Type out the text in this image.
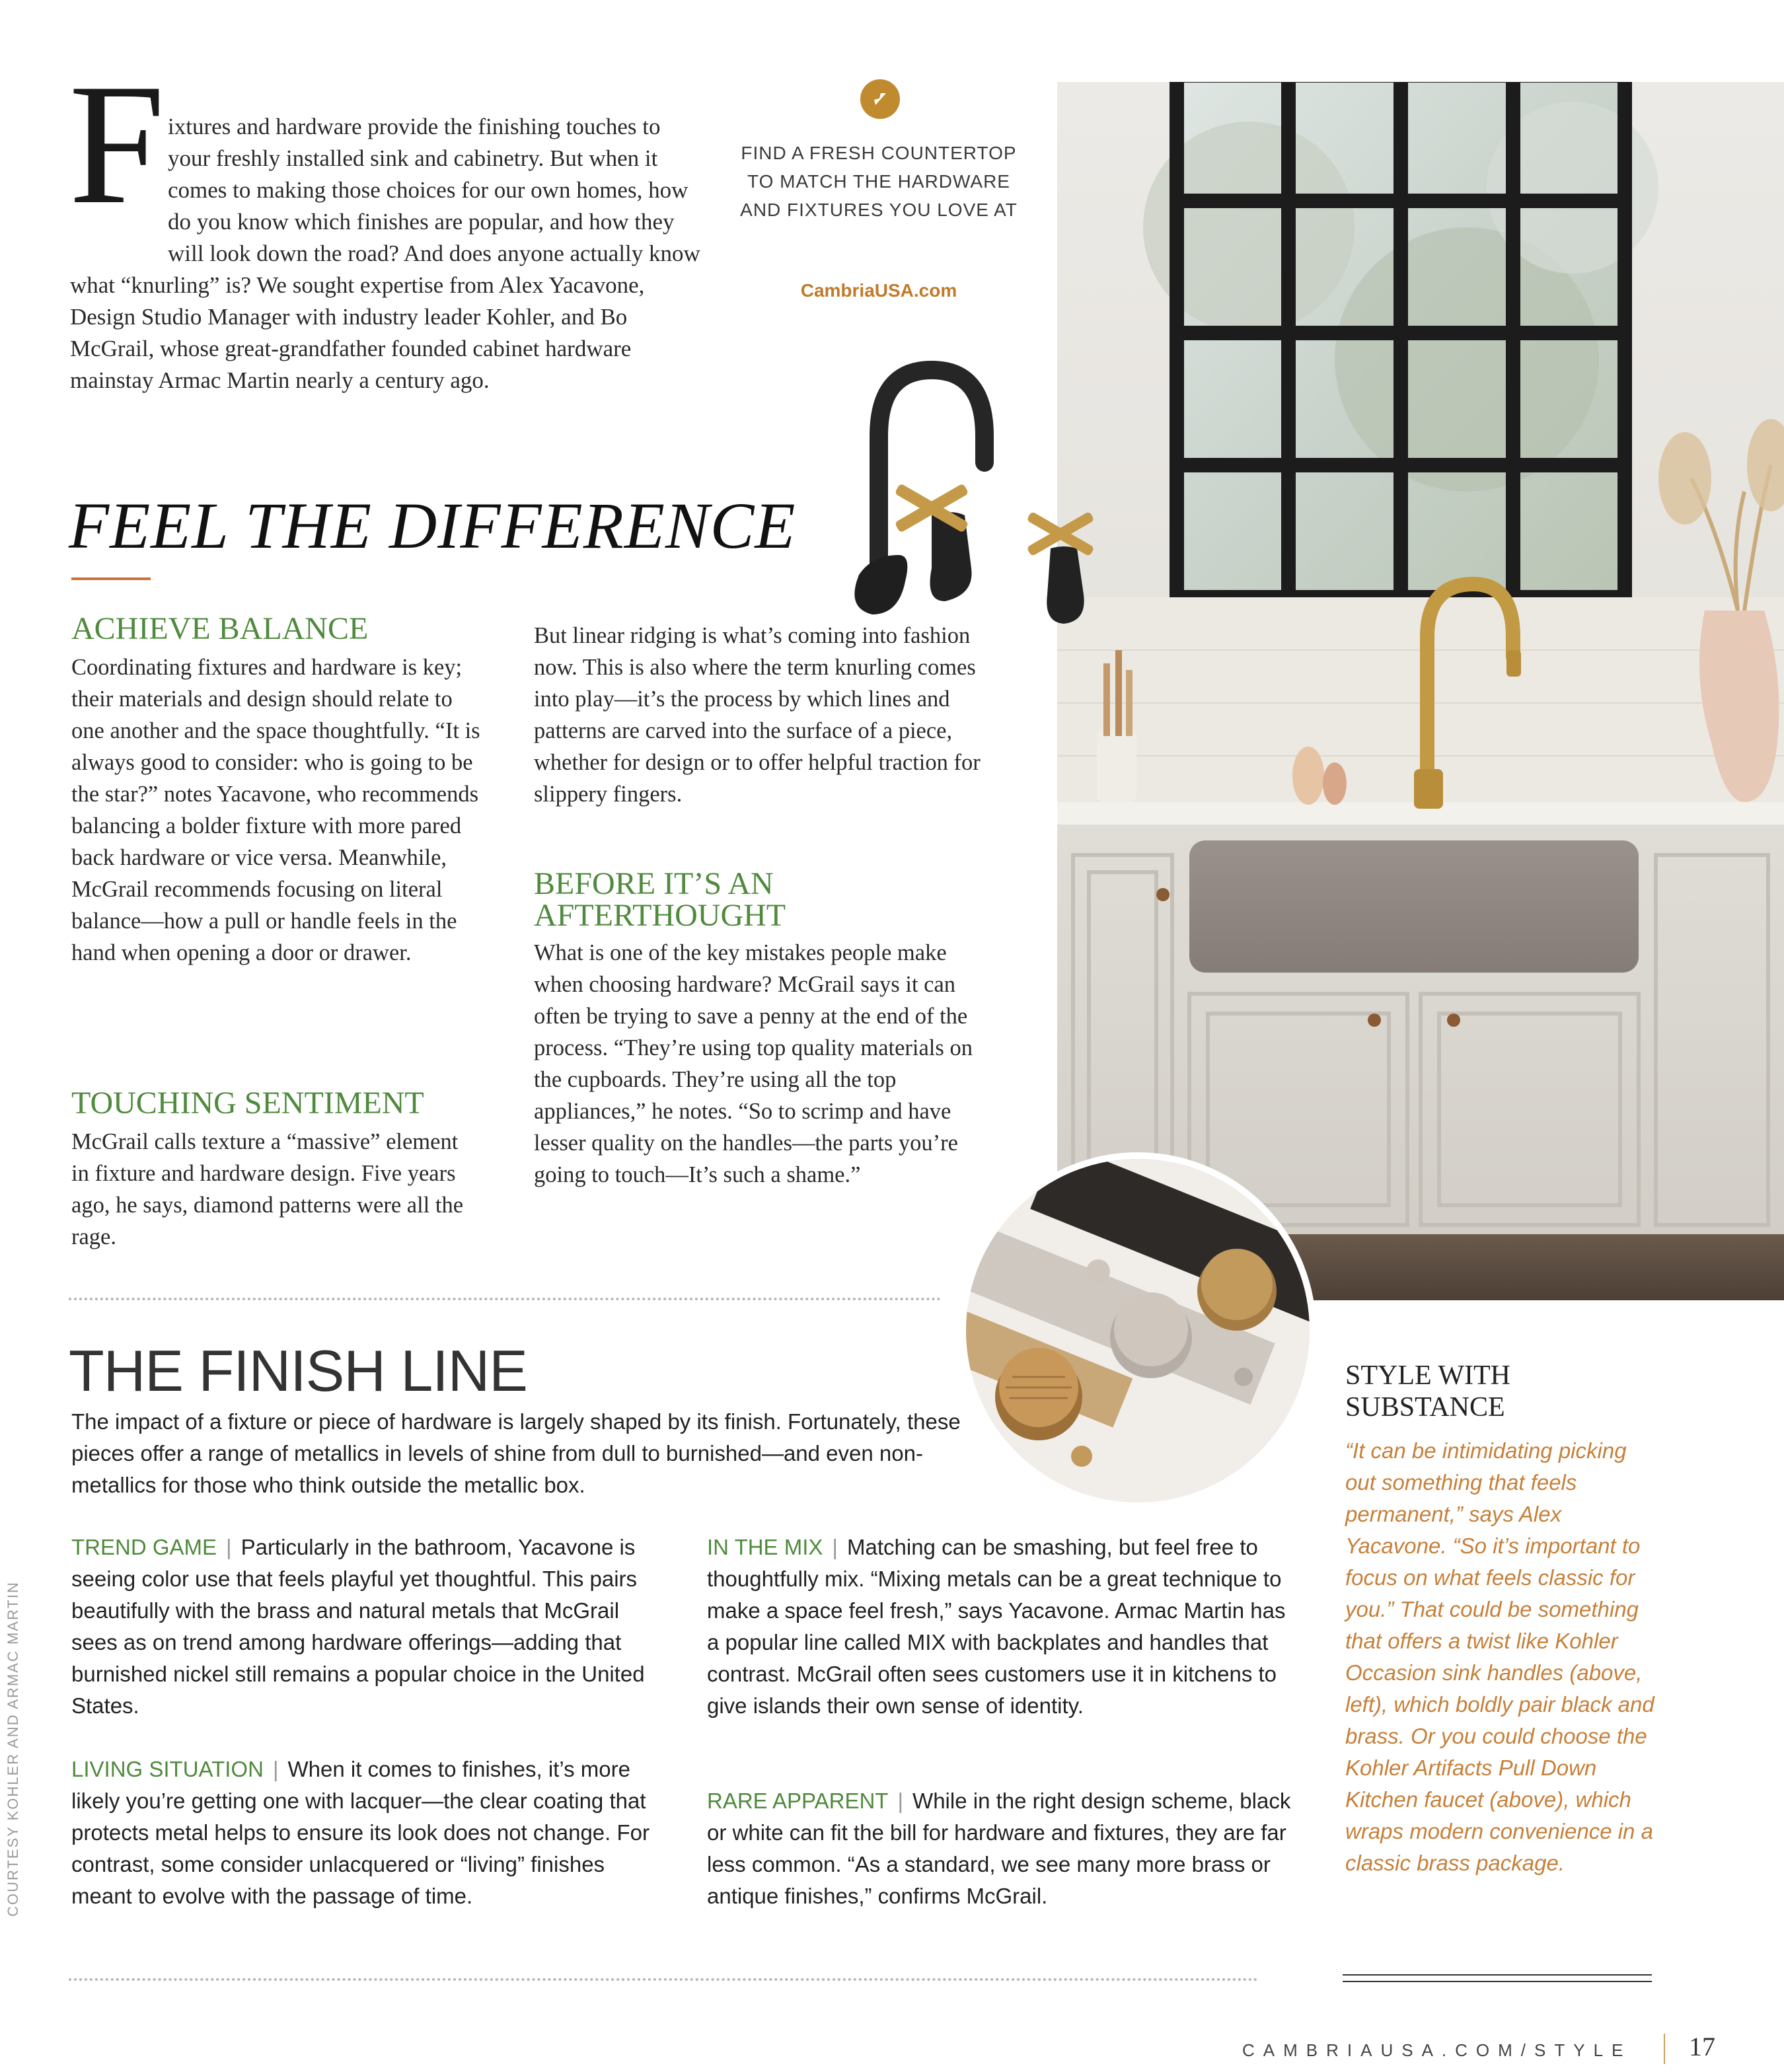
F ixtures and hardware provide the finishing touches to your freshly installed sink and cabinetry. But when it comes to making those choices for our own homes, how do you know which finishes are popular, and how they will look down the road? And does anyone actually know what “knurling” is? We sought expertise from Alex Yacavone, Design Studio Manager with industry leader Kohler, and Bo McGrail, whose great-grandfather founded cabinet hardware mainstay Armac Martin nearly a century ago.
FIND A FRESH COUNTERTOP TO MATCH THE HARDWARE AND FIXTURES YOU LOVE AT
CambriaUSA.com
FEEL THE DIFFERENCE
ACHIEVE BALANCE
Coordinating fixtures and hardware is key; their materials and design should relate to one another and the space thoughtfully. “It is always good to consider: who is going to be the star?” notes Yacavone, who recommends balancing a bolder fixture with more pared back hardware or vice versa. Meanwhile, McGrail recommends focusing on literal balance—how a pull or handle feels in the hand when opening a door or drawer.
TOUCHING SENTIMENT
McGrail calls texture a “massive” element in fixture and hardware design. Five years ago, he says, diamond patterns were all the rage.
But linear ridging is what’s coming into fashion now. This is also where the term knurling comes into play—it’s the process by which lines and patterns are carved into the surface of a piece, whether for design or to offer helpful traction for slippery fingers.
BEFORE IT’S AN AFTERTHOUGHT
What is one of the key mistakes people make when choosing hardware? McGrail says it can often be trying to save a penny at the end of the process. “They’re using top quality materials on the cupboards. They’re using all the top appliances,” he notes. “So to scrimp and have lesser quality on the handles—the parts you’re going to touch—It’s such a shame.”
THE FINISH LINE
The impact of a fixture or piece of hardware is largely shaped by its finish. Fortunately, these pieces offer a range of metallics in levels of shine from dull to burnished—and even non-metallics for those who think outside the metallic box.
TREND GAME | Particularly in the bathroom, Yacavone is seeing color use that feels playful yet thoughtful. This pairs beautifully with the brass and natural metals that McGrail sees as on trend among hardware offerings—adding that burnished nickel still remains a popular choice in the United States.
LIVING SITUATION | When it comes to finishes, it’s more likely you’re getting one with lacquer—the clear coating that protects metal helps to ensure its look does not change. For contrast, some consider unlacquered or “living” finishes meant to evolve with the passage of time.
IN THE MIX | Matching can be smashing, but feel free to thoughtfully mix. “Mixing metals can be a great technique to make a space feel fresh,” says Yacavone. Armac Martin has a popular line called MIX with backplates and handles that contrast. McGrail often sees customers use it in kitchens to give islands their own sense of identity.
RARE APPARENT | While in the right design scheme, black or white can fit the bill for hardware and fixtures, they are far less common. “As a standard, we see many more brass or antique finishes,” confirms McGrail.
STYLE WITH SUBSTANCE
“It can be intimidating picking out something that feels permanent,” says Alex Yacavone. “So it’s important to focus on what feels classic for you.” That could be something that offers a twist like Kohler Occasion sink handles (above, left), which boldly pair black and brass. Or you could choose the Kohler Artifacts Pull Down Kitchen faucet (above), which wraps modern convenience in a classic brass package.
COURTESY KOHLER AND ARMAC MARTIN
CAMBRIAUSA.COM/STYLE 17
